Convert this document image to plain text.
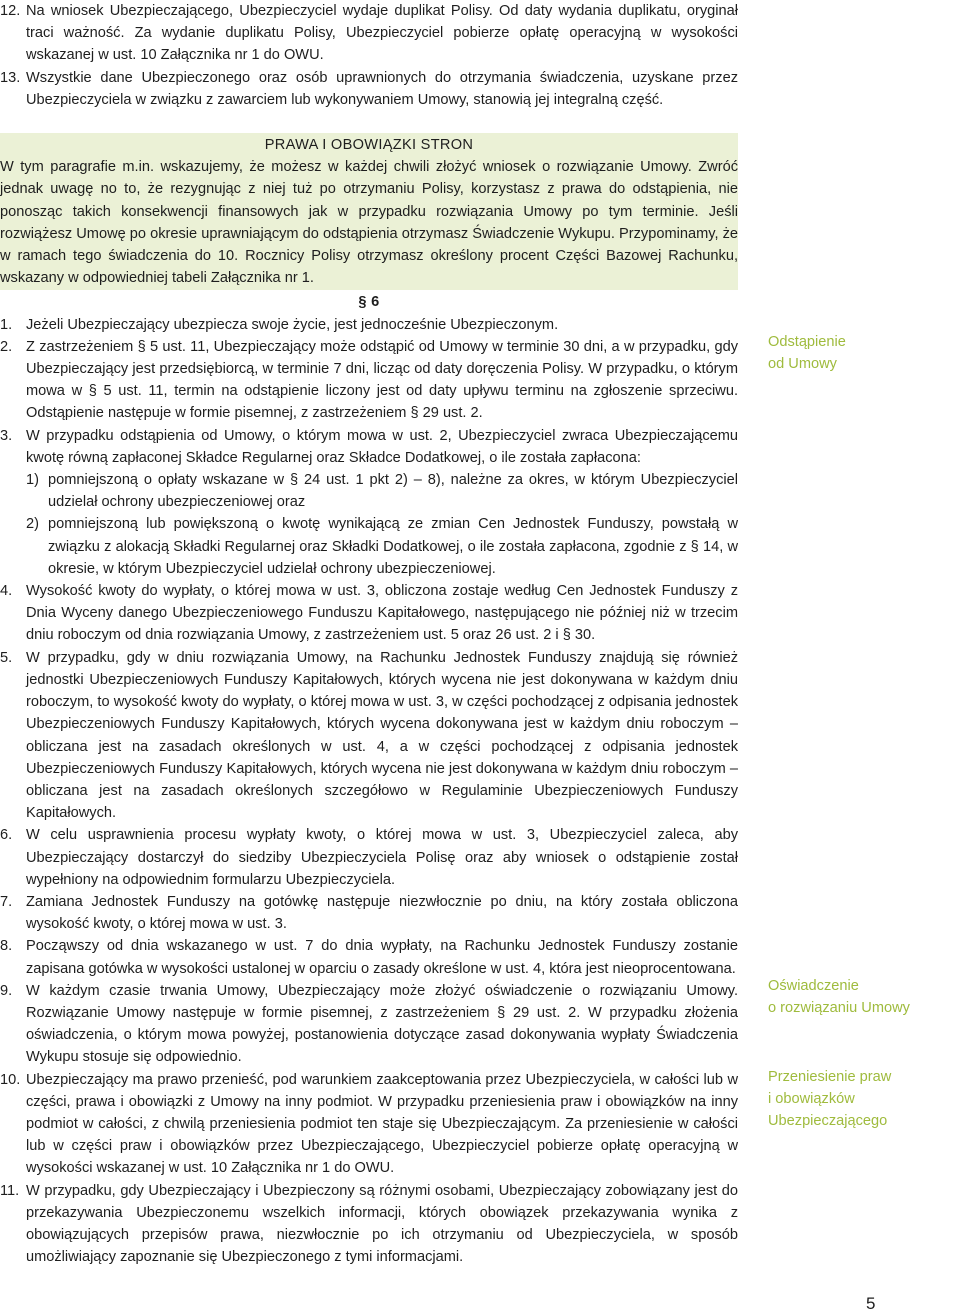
12. Na wniosek Ubezpieczającego, Ubezpieczyciel wydaje duplikat Polisy. Od daty wydania duplikatu, oryginał traci ważność. Za wydanie duplikatu Polisy, Ubezpieczyciel pobierze opłatę operacyjną w wysokości wskazanej w ust. 10 Załącznika nr 1 do OWU.
13. Wszystkie dane Ubezpieczonego oraz osób uprawnionych do otrzymania świadczenia, uzyskane przez Ubezpieczyciela w związku z zawarciem lub wykonywaniem Umowy, stanowią jej integralną część.
PRAWA I OBOWIĄZKI STRON
W tym paragrafie m.in. wskazujemy, że możesz w każdej chwili złożyć wniosek o rozwiązanie Umowy. Zwróć jednak uwagę no to, że rezygnując z niej tuż po otrzymaniu Polisy, korzystasz z prawa do odstąpienia, nie ponosząc takich konsekwencji finansowych jak w przypadku rozwiązania Umowy po tym terminie. Jeśli rozwiążesz Umowę po okresie uprawniającym do odstąpienia otrzymasz Świadczenie Wykupu. Przypominamy, że w ramach tego świadczenia do 10. Rocznicy Polisy otrzymasz określony procent Części Bazowej Rachunku, wskazany w odpowiedniej tabeli Załącznika nr 1.
§ 6
1. Jeżeli Ubezpieczający ubezpiecza swoje życie, jest jednocześnie Ubezpieczonym.
2. Z zastrzeżeniem § 5 ust. 11, Ubezpieczający może odstąpić od Umowy w terminie 30 dni, a w przypadku, gdy Ubezpieczający jest przedsiębiorcą, w terminie 7 dni, licząc od daty doręczenia Polisy. W przypadku, o którym mowa w § 5 ust. 11, termin na odstąpienie liczony jest od daty upływu terminu na zgłoszenie sprzeciwu. Odstąpienie następuje w formie pisemnej, z zastrzeżeniem § 29 ust. 2.
3. W przypadku odstąpienia od Umowy, o którym mowa w ust. 2, Ubezpieczyciel zwraca Ubezpieczającemu kwotę równą zapłaconej Składce Regularnej oraz Składce Dodatkowej, o ile została zapłacona:
1) pomniejszoną o opłaty wskazane w § 24 ust. 1 pkt 2) – 8), należne za okres, w którym Ubezpieczyciel udzielał ochrony ubezpieczeniowej oraz
2) pomniejszoną lub powiększoną o kwotę wynikającą ze zmian Cen Jednostek Funduszy, powstałą w związku z alokacją Składki Regularnej oraz Składki Dodatkowej, o ile została zapłacona, zgodnie z § 14, w okresie, w którym Ubezpieczyciel udzielał ochrony ubezpieczeniowej.
4. Wysokość kwoty do wypłaty, o której mowa w ust. 3, obliczona zostaje według Cen Jednostek Funduszy z Dnia Wyceny danego Ubezpieczeniowego Funduszu Kapitałowego, następującego nie później niż w trzecim dniu roboczym od dnia rozwiązania Umowy, z zastrzeżeniem ust. 5 oraz 26 ust. 2 i § 30.
5. W przypadku, gdy w dniu rozwiązania Umowy, na Rachunku Jednostek Funduszy znajdują się również jednostki Ubezpieczeniowych Funduszy Kapitałowych, których wycena nie jest dokonywana w każdym dniu roboczym, to wysokość kwoty do wypłaty, o której mowa w ust. 3, w części pochodzącej z odpisania jednostek Ubezpieczeniowych Funduszy Kapitałowych, których wycena dokonywana jest w każdym dniu roboczym – obliczana jest na zasadach określonych w ust. 4, a w części pochodzącej z odpisania jednostek Ubezpieczeniowych Funduszy Kapitałowych, których wycena nie jest dokonywana w każdym dniu roboczym – obliczana jest na zasadach określonych szczegółowo w Regulaminie Ubezpieczeniowych Funduszy Kapitałowych.
6. W celu usprawnienia procesu wypłaty kwoty, o której mowa w ust. 3, Ubezpieczyciel zaleca, aby Ubezpieczający dostarczył do siedziby Ubezpieczyciela Polisę oraz aby wniosek o odstąpienie został wypełniony na odpowiednim formularzu Ubezpieczyciela.
7. Zamiana Jednostek Funduszy na gotówkę następuje niezwłocznie po dniu, na który została obliczona wysokość kwoty, o której mowa w ust. 3.
8. Począwszy od dnia wskazanego w ust. 7 do dnia wypłaty, na Rachunku Jednostek Funduszy zostanie zapisana gotówka w wysokości ustalonej w oparciu o zasady określone w ust. 4, która jest nieoprocentowana.
9. W każdym czasie trwania Umowy, Ubezpieczający może złożyć oświadczenie o rozwiązaniu Umowy. Rozwiązanie Umowy następuje w formie pisemnej, z zastrzeżeniem § 29 ust. 2. W przypadku złożenia oświadczenia, o którym mowa powyżej, postanowienia dotyczące zasad dokonywania wypłaty Świadczenia Wykupu stosuje się odpowiednio.
10. Ubezpieczający ma prawo przenieść, pod warunkiem zaakceptowania przez Ubezpieczyciela, w całości lub w części, prawa i obowiązki z Umowy na inny podmiot. W przypadku przeniesienia praw i obowiązków na inny podmiot w całości, z chwilą przeniesienia podmiot ten staje się Ubezpieczającym. Za przeniesienie w całości lub w części praw i obowiązków przez Ubezpieczającego, Ubezpieczyciel pobierze opłatę operacyjną w wysokości wskazanej w ust. 10 Załącznika nr 1 do OWU.
11. W przypadku, gdy Ubezpieczający i Ubezpieczony są różnymi osobami, Ubezpieczający zobowiązany jest do przekazywania Ubezpieczonemu wszelkich informacji, których obowiązek przekazywania wynika z obowiązujących przepisów prawa, niezwłocznie po ich otrzymaniu od Ubezpieczyciela, w sposób umożliwiający zapoznanie się Ubezpieczonego z tymi informacjami.
Odstąpienie
od Umowy
Oświadczenie
o rozwiązaniu Umowy
Przeniesienie praw
i obowiązków
Ubezpieczającego
5
